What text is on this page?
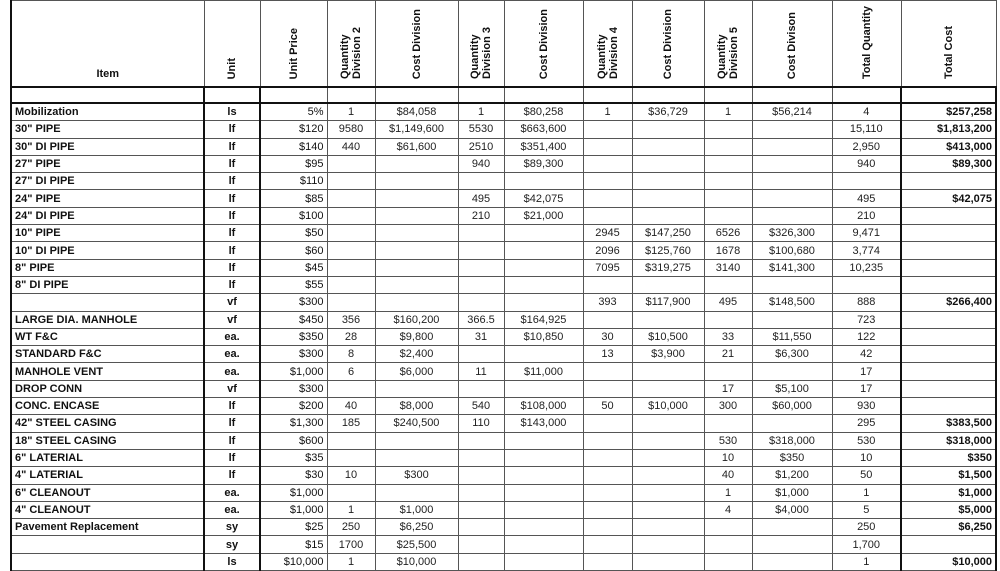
Item	Unit	Unit Price	Quantity Division 2	Cost Division	Quantity Division 3	Cost Division	Quantity Division 4	Cost Division	Quantity Division 5	Cost Divison	Total Quantity	Total Cost

Mobilization	ls	5%	1	$84,058	1	$80,258	1	$36,729	1	$56,214	4	$257,258
30" PIPE	lf	$120	9580	$1,149,600	5530	$663,600					15,110	$1,813,200
30" DI PIPE	lf	$140	440	$61,600	2510	$351,400					2,950	$413,000
27" PIPE	lf	$95			940	$89,300					940	$89,300
27" DI PIPE	lf	$110										
24" PIPE	lf	$85			495	$42,075					495	$42,075
24" DI PIPE	lf	$100			210	$21,000					210	
10" PIPE	lf	$50					2945	$147,250	6526	$326,300	9,471	
10" DI PIPE	lf	$60					2096	$125,760	1678	$100,680	3,774	
8" PIPE	lf	$45					7095	$319,275	3140	$141,300	10,235	
8" DI PIPE	lf	$55										
	vf	$300					393	$117,900	495	$148,500	888	$266,400
LARGE DIA. MANHOLE	vf	$450	356	$160,200	366.5	$164,925					723	
WT F&C	ea.	$350	28	$9,800	31	$10,850	30	$10,500	33	$11,550	122	
STANDARD F&C	ea.	$300	8	$2,400			13	$3,900	21	$6,300	42	
MANHOLE VENT	ea.	$1,000	6	$6,000	11	$11,000					17	
DROP CONN	vf	$300							17	$5,100	17	
CONC. ENCASE	lf	$200	40	$8,000	540	$108,000	50	$10,000	300	$60,000	930	
42" STEEL CASING	lf	$1,300	185	$240,500	110	$143,000					295	$383,500
18" STEEL CASING	lf	$600							530	$318,000	530	$318,000
6" LATERIAL	lf	$35							10	$350	10	$350
4" LATERIAL	lf	$30	10	$300					40	$1,200	50	$1,500
6" CLEANOUT	ea.	$1,000							1	$1,000	1	$1,000
4" CLEANOUT	ea.	$1,000	1	$1,000					4	$4,000	5	$5,000
Pavement Replacement	sy	$25	250	$6,250							250	$6,250
	sy	$15	1700	$25,500							1,700	
	ls	$10,000	1	$10,000							1	$10,000
